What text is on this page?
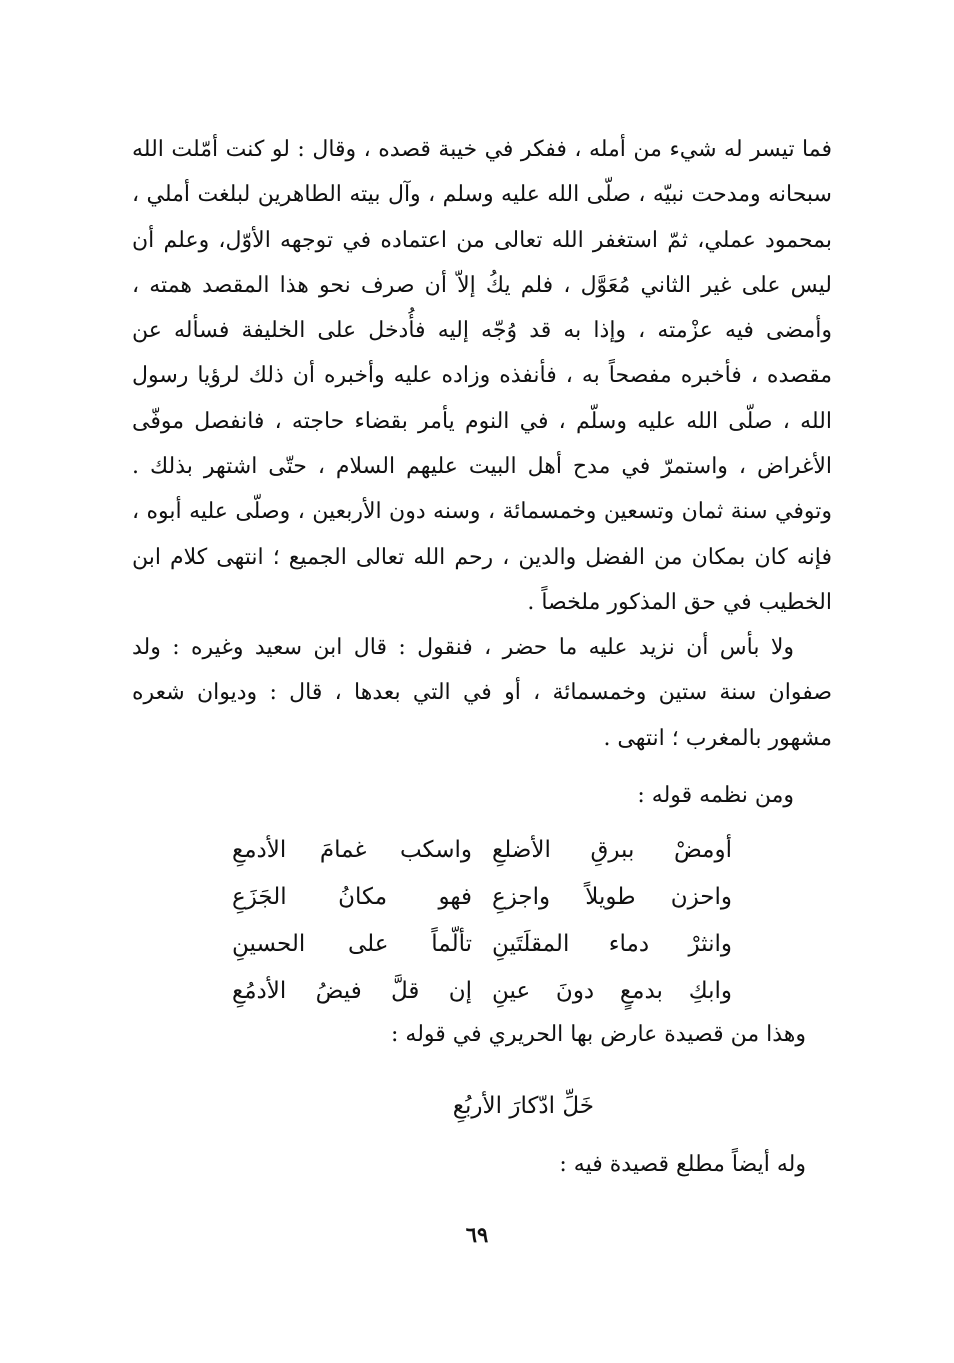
فما تيسر له شيء من أمله ، ففكر في خيبة قصده ، وقال : لو كنت أمّلت الله سبحانه ومدحت نبيّه ، صلّى الله عليه وسلم ، وآل بيته الطاهرين لبلغت أملي ، بمحمود عملي، ثمّ استغفر الله تعالى من اعتماده في توجهه الأوّل، وعلم أن ليس على غير الثاني مُعَوَّل ، فلم يكُ إلاّ أن صرف نحو هذا المقصد همته ، وأمضى فيه عزْمته ، وإذا به قد وُجّه إليه فأُدخل على الخليفة فسأله عن مقصده ، فأخبره مفصحاً به ، فأنفذه وزاده عليه وأخبره أن ذلك لرؤيا رسول الله ، صلّى الله عليه وسلّم ، في النوم يأمر بقضاء حاجته ، فانفصل موفّى الأغراض ، واستمرّ في مدح أهل البيت عليهم السلام ، حتّى اشتهر بذلك . وتوفي سنة ثمان وتسعين وخمسمائة ، وسنه دون الأربعين ، وصلّى عليه أبوه ، فإنه كان بمكان من الفضل والدين ، رحم الله تعالى الجميع ؛ انتهى كلام ابن الخطيب في حق المذكور ملخصاً .

ولا بأس أن نزيد عليه ما حضر ، فنقول : قال ابن سعيد وغيره : ولد صفوان سنة ستين وخمسمائة ، أو في التي بعدها ، قال : وديوان شعره مشهور بالمغرب ؛ انتهى .

ومن نظمه قوله :

أومضْ ببرقِ الأضلعِ
واسكب غمامَ الأدمعِ
واحزن طويلاً واجزعِ
فهو مكانُ الجَزَعِ
وانثرْ دماء المقلَتَينِ
تألّماً على الحسينِ
وابكِ بدمعٍ دونَ عينِ
إن قلَّ فيضُ الأدمُعِ
وهذا من قصيدة عارض بها الحريري في قوله :
خَلِّ ادّكارَ الأربُعِ
وله أيضاً مطلع قصيدة فيه :
٦٩
